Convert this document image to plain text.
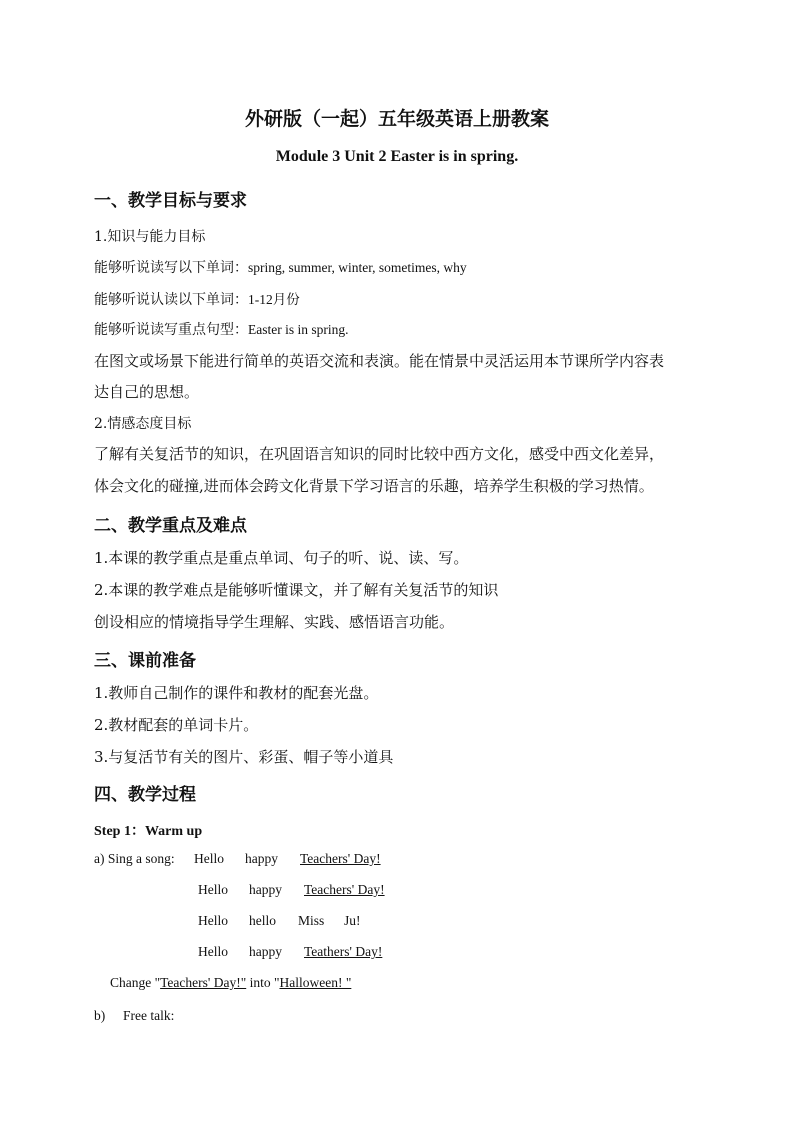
外研版（一起）五年级英语上册教案
Module 3 Unit 2 Easter is in spring.
一、教学目标与要求
1.知识与能力目标
能够听说读写以下单词：spring, summer, winter, sometimes, why
能够听说认读以下单词：1-12月份
能够听说读写重点句型：Easter is in spring.
在图文或场景下能进行简单的英语交流和表演。能在情景中灵活运用本节课所学内容表
达自己的思想。
2.情感态度目标
了解有关复活节的知识，在巩固语言知识的同时比较中西方文化，感受中西文化差异，
体会文化的碰撞,进而体会跨文化背景下学习语言的乐趣，培养学生积极的学习热情。
二、教学重点及难点
1.本课的教学重点是重点单词、句子的听、说、读、写。
2.本课的教学难点是能够听懂课文，并了解有关复活节的知识
创设相应的情境指导学生理解、实践、感悟语言功能。
三、课前准备
1.教师自己制作的课件和教材的配套光盘。
2.教材配套的单词卡片。
3.与复活节有关的图片、彩蛋、帽子等小道具
四、教学过程
Step 1：Warm up
a) Sing a song: Hello happy Teachers' Day!
Hello happy Teachers' Day!
Hello hello Miss Ju!
Hello happy Teathers' Day!
Change "Teachers' Day!" into "Halloween! "
b) Free talk:
